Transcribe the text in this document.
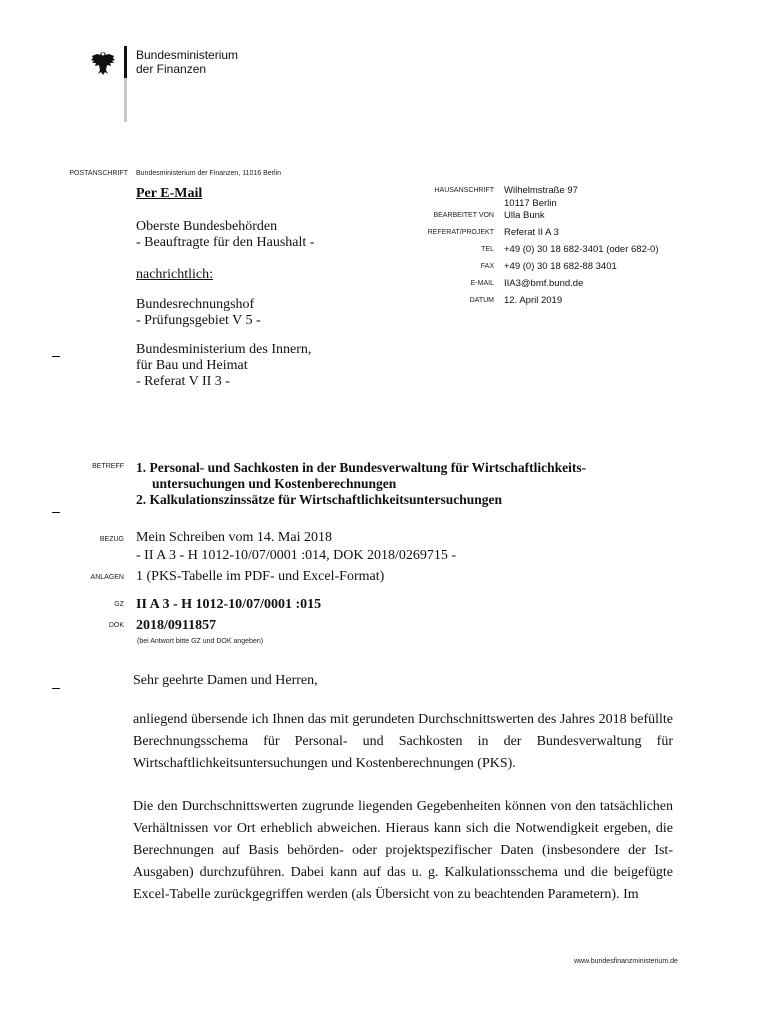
Bundesministerium
der Finanzen
POSTANSCHRIFT Bundesministerium der Finanzen, 11016 Berlin
Per E-Mail
Oberste Bundesbehörden
- Beauftragte für den Haushalt -
nachrichtlich:
Bundesrechnungshof
- Prüfungsgebiet V 5 -
Bundesministerium des Innern,
für Bau und Heimat
- Referat V II 3 -
HAUSANSCHRIFT Wilhelmstraße 97
10117 Berlin
BEARBEITET VON Ulla Bunk
REFERAT/PROJEKT Referat II A 3
TEL +49 (0) 30 18 682-3401 (oder 682-0)
FAX +49 (0) 30 18 682-88 3401
E-MAIL IIA3@bmf.bund.de
DATUM 12. April 2019
BETREFF 1. Personal- und Sachkosten in der Bundesverwaltung für Wirtschaftlichkeits-
untersuchungen und Kostenberechnungen
2. Kalkulationszinssätze für Wirtschaftlichkeitsuntersuchungen
BEZUG Mein Schreiben vom 14. Mai 2018
- II A 3 - H 1012-10/07/0001 :014, DOK 2018/0269715 -
ANLAGEN 1 (PKS-Tabelle im PDF- und Excel-Format)
GZ II A 3 - H 1012-10/07/0001 :015
DOK 2018/0911857
(bei Antwort bitte GZ und DOK angeben)
Sehr geehrte Damen und Herren,
anliegend übersende ich Ihnen das mit gerundeten Durchschnittswerten des Jahres 2018 befüllte Berechnungsschema für Personal- und Sachkosten in der Bundesverwaltung für Wirtschaftlichkeitsuntersuchungen und Kostenberechnungen (PKS).
Die den Durchschnittswerten zugrunde liegenden Gegebenheiten können von den tatsächlichen Verhältnissen vor Ort erheblich abweichen. Hieraus kann sich die Notwendigkeit ergeben, die Berechnungen auf Basis behörden- oder projektspezifischer Daten (insbesondere der Ist-Ausgaben) durchzuführen. Dabei kann auf das u. g. Kalkulationsschema und die beigefügte Excel-Tabelle zurückgegriffen werden (als Übersicht von zu beachtenden Parametern). Im
www.bundesfinanzministerium.de
